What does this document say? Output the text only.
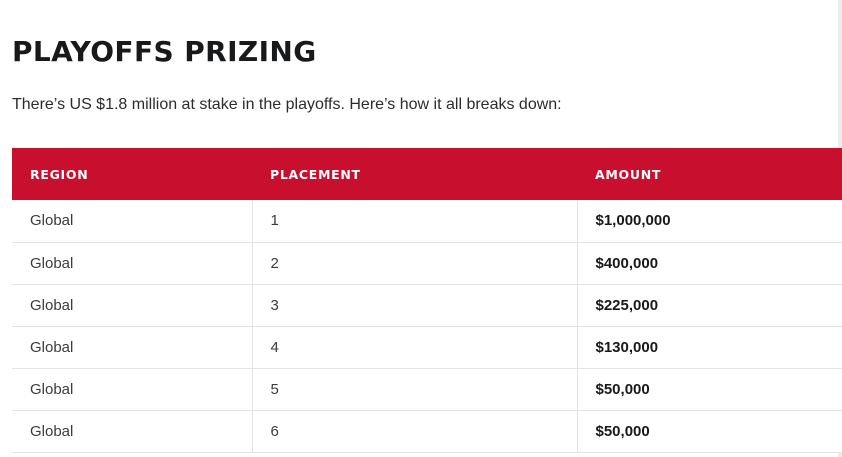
PLAYOFFS PRIZING

There’s US $1.8 million at stake in the playoffs. Here’s how it all breaks down:

REGION	PLACEMENT	AMOUNT
Global	1	$1,000,000
Global	2	$400,000
Global	3	$225,000
Global	4	$130,000
Global	5	$50,000
Global	6	$50,000
